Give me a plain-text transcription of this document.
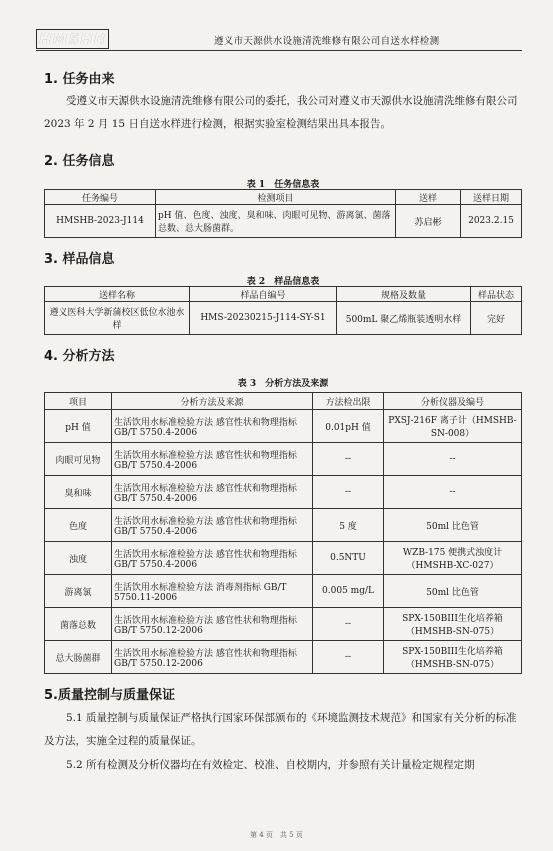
HMSHB	遵义市天源供水设施清洗维修有限公司自送水样检测
1. 任务由来
受遵义市天源供水设施清洗维修有限公司的委托，我公司对遵义市天源供水设施清洗维修有限公司 2023 年 2 月 15 日自送水样进行检测，根据实验室检测结果出具本报告。
2. 任务信息
表 1　任务信息表
任务编号	检测项目	送样	送样日期
HMSHB-2023-J114	pH 值、色度、浊度、臭和味、肉眼可见物、游离氯、菌落总数、总大肠菌群。	苏启彬	2023.2.15
3. 样品信息
表 2　样品信息表
送样名称	样品自编号	规格及数量	样品状态
遵义医科大学新蒲校区低位水池水样	HMS-20230215-J114-SY-S1	500mL 聚乙烯瓶装透明水样	完好
4. 分析方法
表 3　分析方法及来源
项目	分析方法及来源	方法检出限	分析仪器及编号
pH 值	生活饮用水标准检验方法 感官性状和物理指标 GB/T 5750.4-2006	0.01pH 值	PXSJ-216F 离子计（HMSHB-SN-008）
肉眼可见物	生活饮用水标准检验方法 感官性状和物理指标 GB/T 5750.4-2006	--	--
臭和味	生活饮用水标准检验方法 感官性状和物理指标 GB/T 5750.4-2006	--	--
色度	生活饮用水标准检验方法 感官性状和物理指标 GB/T 5750.4-2006	5 度	50ml 比色管
浊度	生活饮用水标准检验方法 感官性状和物理指标 GB/T 5750.4-2006	0.5NTU	WZB-175 便携式浊度计（HMSHB-XC-027）
游离氯	生活饮用水标准检验方法 消毒剂指标 GB/T 5750.11-2006	0.005 mg/L	50ml 比色管
菌落总数	生活饮用水标准检验方法 感官性状和物理指标 GB/T 5750.12-2006	--	SPX-150BIII生化培养箱（HMSHB-SN-075）
总大肠菌群	生活饮用水标准检验方法 感官性状和物理指标 GB/T 5750.12-2006	--	SPX-150BIII生化培养箱（HMSHB-SN-075）
5.质量控制与质量保证
5.1 质量控制与质量保证严格执行国家环保部颁布的《环境监测技术规范》和国家有关分析的标准及方法，实施全过程的质量保证。
5.2 所有检测及分析仪器均在有效检定、校准、自校期内，并参照有关计量检定规程定期
第 4 页　共 5 页
